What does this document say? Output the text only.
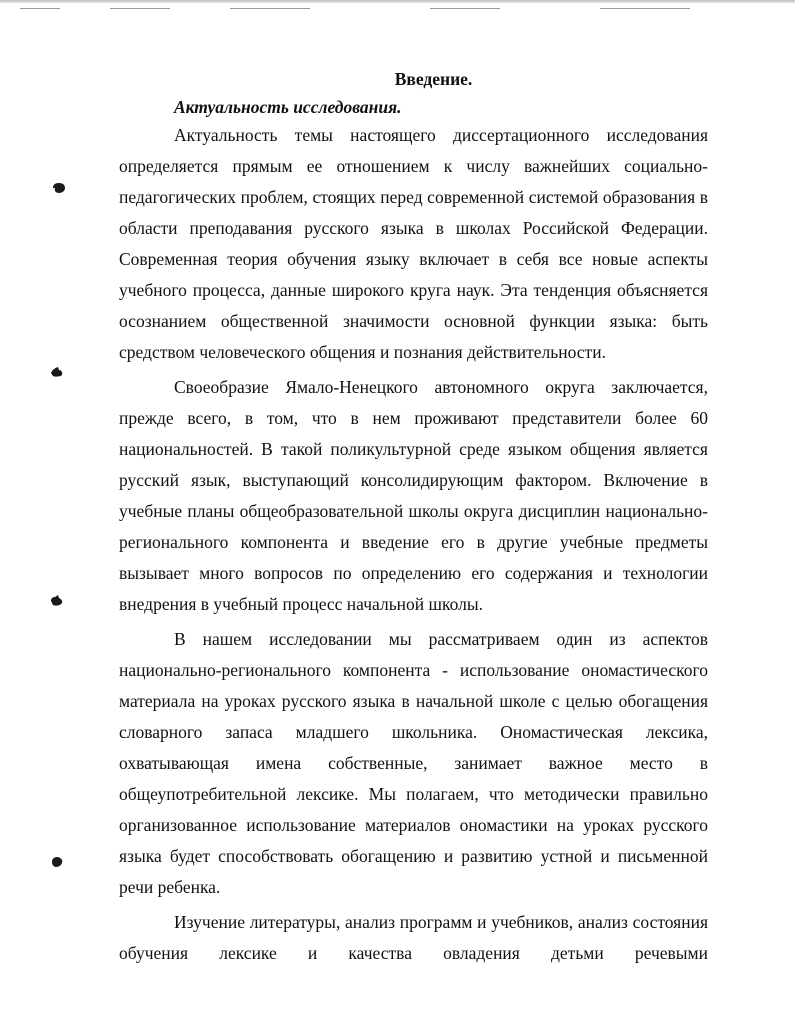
Введение.
Актуальность исследования.

Актуальность темы настоящего диссертационного исследования определяется прямым ее отношением к числу важнейших социально-педагогических проблем, стоящих перед современной системой образования в области преподавания русского языка в школах Российской Федерации. Современная теория обучения языку включает в себя все новые аспекты учебного процесса, данные широкого круга наук. Эта тенденция объясняется осознанием общественной значимости основной функции языка: быть средством человеческого общения и познания действительности.

Своеобразие Ямало-Ненецкого автономного округа заключается, прежде всего, в том, что в нем проживают представители более 60 национальностей. В такой поликультурной среде языком общения является русский язык, выступающий консолидирующим фактором. Включение в учебные планы общеобразовательной школы округа дисциплин национально-регионального компонента и введение его в другие учебные предметы вызывает много вопросов по определению его содержания и технологии внедрения в учебный процесс начальной школы.

В нашем исследовании мы рассматриваем один из аспектов национально-регионального компонента - использование ономастического материала на уроках русского языка в начальной школе с целью обогащения словарного запаса младшего школьника. Ономастическая лексика, охватывающая имена собственные, занимает важное место в общеупотребительной лексике. Мы полагаем, что методически правильно организованное использование материалов ономастики на уроках русского языка будет способствовать обогащению и развитию устной и письменной речи ребенка.

Изучение литературы, анализ программ и учебников, анализ состояния обучения лексике и качества овладения детьми речевыми
